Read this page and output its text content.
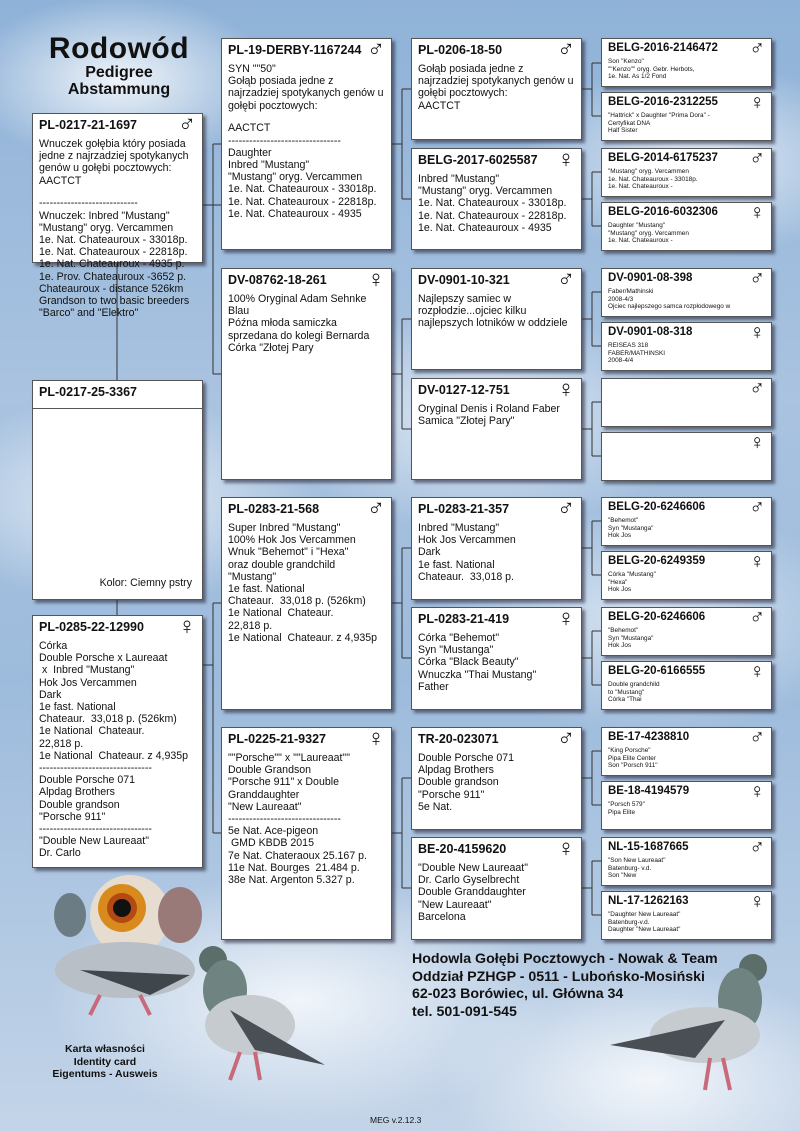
Rodowód
Pedigree
Abstammung
PL-0217-25-3367
Kolor: Ciemny pstry
PL-0217-21-1697	♂
Wnuczek gołębia który posiada
jedne z najrzadziej spotykanych
genów u gołębi pocztowych:
AACTCT
----------------------------
Wnuczek: Inbred "Mustang"
"Mustang" oryg. Vercammen
1e. Nat. Chateauroux - 33018p.
1e. Nat. Chateauroux - 22818p.
1e. Nat. Chateauroux - 4935 p.
1e. Prov. Chateauroux -3652 p.
Chateauroux - distance 526km
Grandson to two basic breeders
"Barco" and "Elektro"
PL-0285-22-12990	♀
Córka
Double Porsche x Laureaat
x  Inbred "Mustang"
Hok Jos Vercammen
Dark
1e fast. National
Chateaur.  33,018 p. (526km)
1e National  Chateaur.
22,818 p.
1e National  Chateaur. z 4,935p
--------------------------------
Double Porsche 071
Alpdag Brothers
Double grandson
"Porsche 911"
--------------------------------
"Double New Laureaat"
Dr. Carlo
PL-19-DERBY-1167244 ♂
SYN ""50"
Gołąb posiada jedne z
najrzadziej spotykanych genów u
gołębi pocztowych:
AACTCT
--------------------------------
Daughter
Inbred "Mustang"
"Mustang" oryg. Vercammen
1e. Nat. Chateauroux - 33018p.
1e. Nat. Chateauroux - 22818p.
1e. Nat. Chateauroux - 4935
DV-08762-18-261	♀
100% Orygina​l Adam Sehnke
Blau
Późna młoda samiczka
sprzedana do kolegi Bernarda
Córka "Złotej Pary
PL-0283-21-568	♂
Super Inbred "Mustang"
100% Hok Jos Vercammen
Wnuk "Behemot" i "Hexa"
oraz double grandchild
"Mustang"
1e fast. National
Chateaur.  33,018 p. (526km)
1e National  Chateaur.
22,818 p.
1e National  Chateaur. z 4,935p
PL-0225-21-9327	♀
""Porsche"" x ""Laureaat""
Double Grandson
"Porsche 911" x Double
Granddaughter
"New Laureaat"
--------------------------------
5e Nat. Ace-pigeon
GMD KBDB 2015
7e Nat. Chateraoux 25.167 p.
11e Nat. Bourges  21.484 p.
38e Nat. Argenton 5.327 p.
PL-0206-18-50	♂
Gołąb posiada jedne z
najrzadziej spotykanych genów u
gołębi pocztowych:
AACTCT
BELG-2017-6025587 ♀
Inbred "Mustang"
"Mustang" oryg. Vercammen
1e. Nat. Chateauroux - 33018p.
1e. Nat. Chateauroux - 22818p.
1e. Nat. Chateauroux - 4935
DV-0901-10-321	♂
Najlepszy samiec w
rozpłodzie...ojciec kilku
najlepszych lotników w oddziele
DV-0127-12-751	♀
Oryginal Denis i Roland Faber
Samica "Złotej Pary"
PL-0283-21-357	♂
Inbred "Mustang"
Hok Jos Vercammen
Dark
1e fast. National
Chateaur.  33,018 p.
PL-0283-21-419	♀
Córka "Behemot"
Syn "Mustanga"
Córka "Black Beauty"
Wnuczka "Thai Mustang"
Father
TR-20-023071	♂
Double Porsche 071
Alpdag Brothers
Double grandson
"Porsche 911"
5e Nat.
BE-20-4159620	♀
"Double New Laureaat"
Dr. Carlo Gyselbrecht
Double Granddaughter
"New Laureaat"
Barcelona
BELG-2016-2146472	♂
Son "Kenzo"
""Kenzo"" oryg. Gebr. Herbots,
1e. Nat. As 1/2 Fond
BELG-2016-2312255	♀
"Hattrick" x Daughter "Prima Dora" -
Certyfikat DNA
Half Sister
BELG-2014-6175237	♂
"Mustang" oryg. Vercammen
1e. Nat. Chateauroux - 33018p.
1e. Nat. Chateauroux -
BELG-2016-6032306	♀
Daughter "Mustang"
"Mustang" oryg. Vercammen
1e. Nat. Chateauroux -
DV-0901-08-398	♂
Faber/Mathinski
2008-4/3
Ojciec najlepszego samca rozpłodowego w
DV-0901-08-318	♀
REISEAS 318
FABER/MATHINSKI
2008-4/4
♂
♀
BELG-20-6246606	♂
"Behemot"
Syn "Mustanga"
Hok Jos
BELG-20-6249359	♀
Córka "Mustang"
"Hexa"
Hok Jos
BELG-20-6246606	♂
"Behemot"
Syn "Mustanga"
Hok Jos
BELG-20-6166555	♀
Double grandchild
to "Mustang"
Córka "Thai
BE-17-4238810	♂
"King Porsche"
Pipa Elite Center
Son "Porsch 911"
BE-18-4194579	♀
"Porsch 579"
Pipa Elite
NL-15-1687665	♂
"Son New Laureaat"
Batenburg- v.d.
Son "New
NL-17-1262163	♀
"Daughter New Laureaat"
Batenburg-v.d.
Daughter "New Laureaat"
Hodowla Gołębi Pocztowych - Nowak & Team
Oddział PZHGP - 0511 - Lubońsko-Mosiński
62-023 Borówiec, ul. Główna 34
tel. 501-091-545
Karta własności
Identity card
Eigentums - Ausweis
MEG v.2.12.3
